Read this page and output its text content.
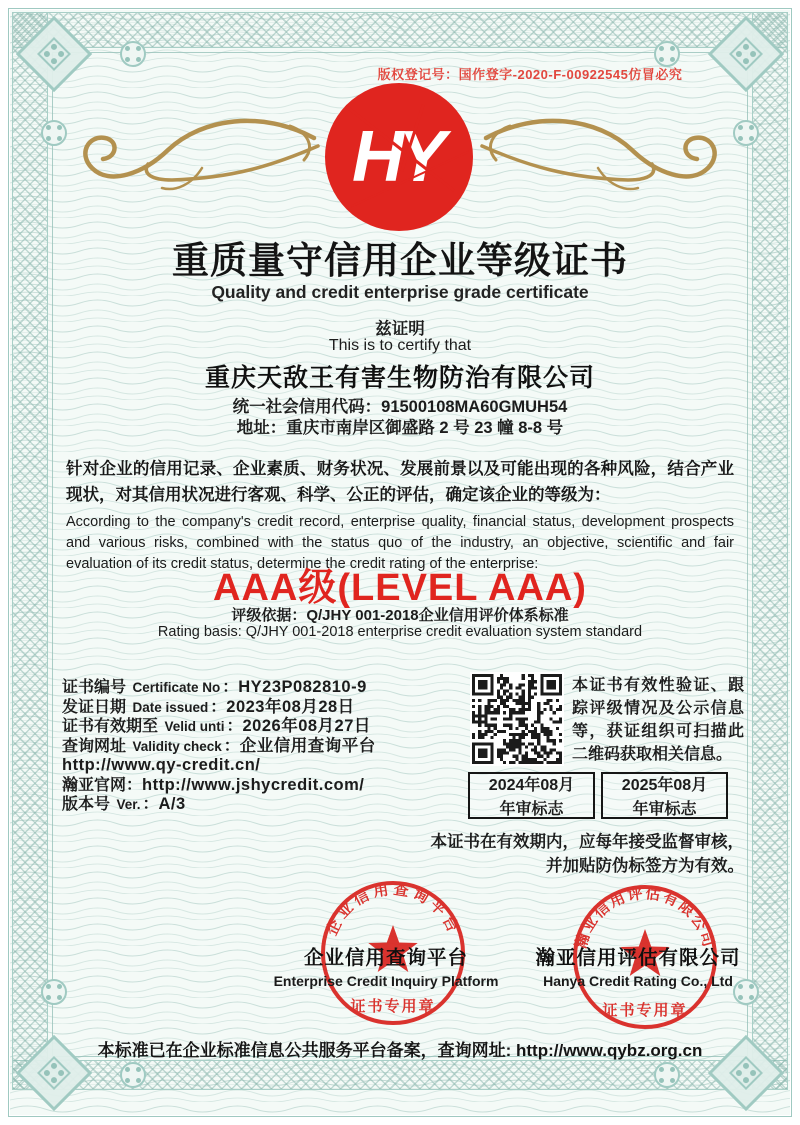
版权登记号：国作登字-2020-F-00922545仿冒必究
HY
重质量守信用企业等级证书
Quality and credit enterprise grade certificate
兹证明
This is to certify that
重庆天敌王有害生物防治有限公司
统一社会信用代码：91500108MA60GMUH54
地址：重庆市南岸区御盛路 2 号 23 幢 8-8 号
针对企业的信用记录、企业素质、财务状况、发展前景以及可能出现的各种风险，结合产业现状，对其信用状况进行客观、科学、公正的评估，确定该企业的等级为：
According to the company's credit record, enterprise quality, financial status, development prospects and various risks, combined with the status quo of the industry, an objective, scientific and fair evaluation of its credit status, determine the credit rating of the enterprise:
AAA级(LEVEL AAA)
评级依据：Q/JHY 001-2018企业信用评价体系标准
Rating basis: Q/JHY 001-2018 enterprise credit evaluation system standard
证书编号 Certificate No ：HY23P082810-9
发证日期 Date issued ：2023年08月28日
证书有效期至 Velid unti ：2026年08月27日
查询网址 Validity check ：企业信用查询平台
http://www.qy-credit.cn/
瀚亚官网：http://www.jshycredit.com/
版本号 Ver. ：A/3
本证书有效性验证、跟踪评级情况及公示信息等，获证组织可扫描此二维码获取相关信息。
2024年08月
年审标志
2025年08月
年审标志
本证书在有效期内，应每年接受监督审核，
并加贴防伪标签方为有效。
企业信用查询平台
证书专用章
瀚亚信用评估有限公司
证书专用章
企业信用查询平台
Enterprise Credit Inquiry Platform
瀚亚信用评估有限公司
Hanya Credit Rating Co., Ltd
本标准已在企业标准信息公共服务平台备案，查询网址: http://www.qybz.org.cn
